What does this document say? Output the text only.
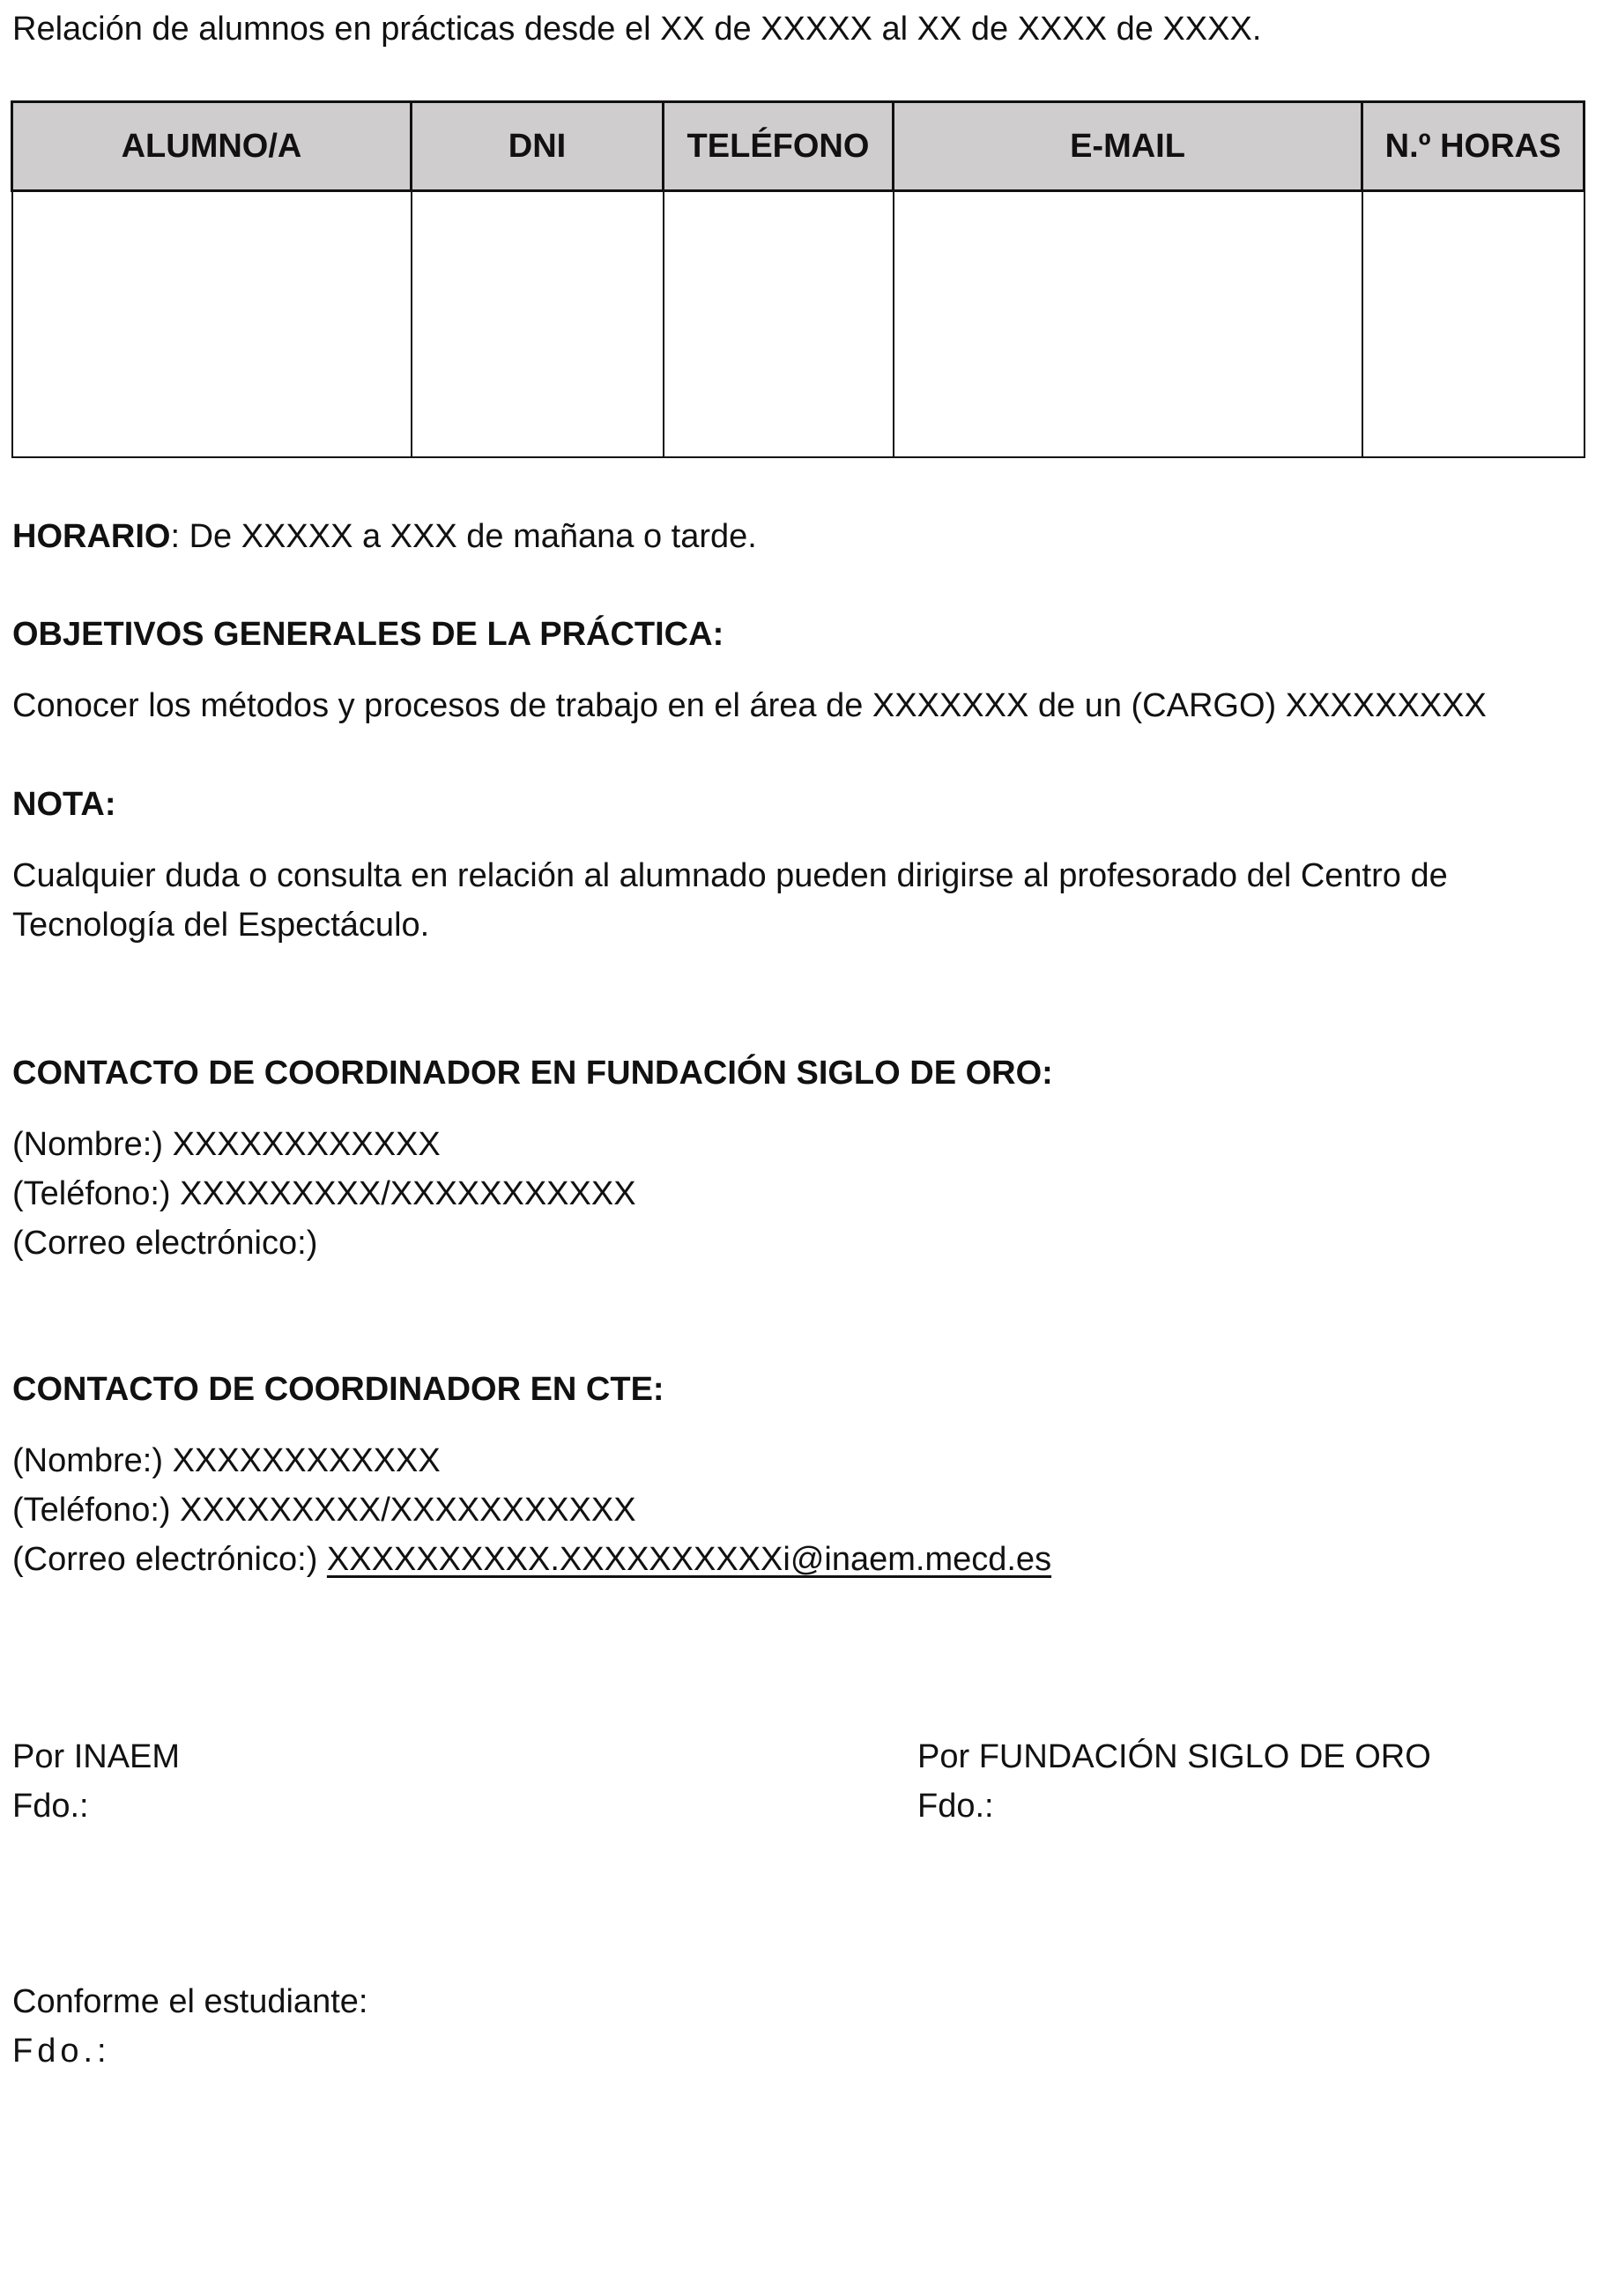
Relación de alumnos en prácticas desde el XX de XXXXX al XX de XXXX de XXXX.
ALUMNO/A	DNI	TELÉFONO	E-MAIL	N.º HORAS

HORARIO: De XXXXX a XXX de mañana o tarde.
OBJETIVOS GENERALES DE LA PRÁCTICA:
Conocer los métodos y procesos de trabajo en el área de XXXXXXX de un (CARGO) XXXXXXXXX
NOTA:
Cualquier duda o consulta en relación al alumnado pueden dirigirse al profesorado del Centro de
Tecnología del Espectáculo.
CONTACTO DE COORDINADOR EN FUNDACIÓN SIGLO DE ORO:
(Nombre:) XXXXXXXXXXXX
(Teléfono:) XXXXXXXXX/XXXXXXXXXXX
(Correo electrónico:)
CONTACTO DE COORDINADOR EN CTE:
(Nombre:) XXXXXXXXXXXX
(Teléfono:) XXXXXXXXX/XXXXXXXXXXX
(Correo electrónico:) XXXXXXXXXX.XXXXXXXXXXi@inaem.mecd.es
Por INAEM
Fdo.:
Por FUNDACIÓN SIGLO DE ORO
Fdo.:
Conforme el estudiante:
Fdo.:
